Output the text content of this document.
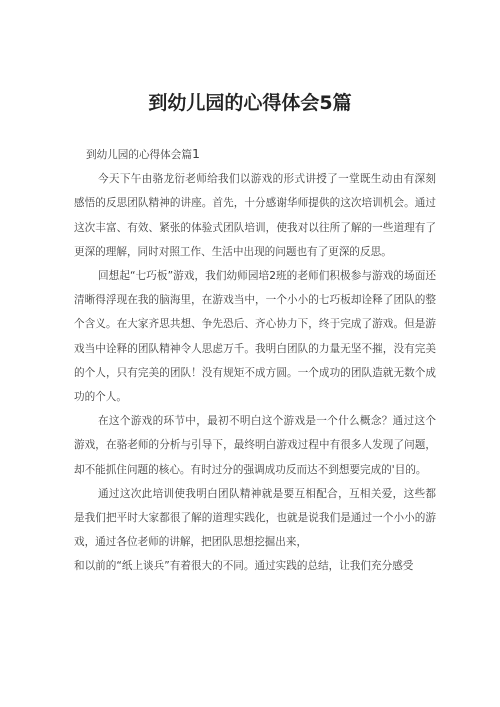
到幼儿园的心得体会5篇

到幼儿园的心得体会篇1

今天下午由骆龙衍老师给我们以游戏的形式讲授了一堂既生动由有深刻感悟的反思团队精神的讲座。首先，十分感谢华师提供的这次培训机会。通过这次丰富、有效、紧张的体验式团队培训，使我对以往所了解的一些道理有了更深的理解，同时对照工作、生活中出现的问题也有了更深的反思。

回想起“七巧板”游戏，我们幼师园培2班的老师们积极参与游戏的场面还清晰得浮现在我的脑海里，在游戏当中，一个小小的七巧板却诠释了团队的整个含义。在大家齐思共想、争先恐后、齐心协力下，终于完成了游戏。但是游戏当中诠释的团队精神令人思虑万千。我明白团队的力量无坚不摧，没有完美的个人，只有完美的团队！没有规矩不成方圆。一个成功的团队造就无数个成功的个人。

在这个游戏的环节中，最初不明白这个游戏是一个什么概念？通过这个游戏，在骆老师的分析与引导下，最终明白游戏过程中有很多人发现了问题，却不能抓住问题的核心。有时过分的强调成功反而达不到想要完成的'目的。

通过这次此培训使我明白团队精神就是要互相配合，互相关爱，这些都是我们把平时大家都很了解的道理实践化，也就是说我们是通过一个小小的游戏，通过各位老师的讲解，把团队思想挖掘出来，

和以前的“纸上谈兵”有着很大的不同。通过实践的总结，让我们充分感受
